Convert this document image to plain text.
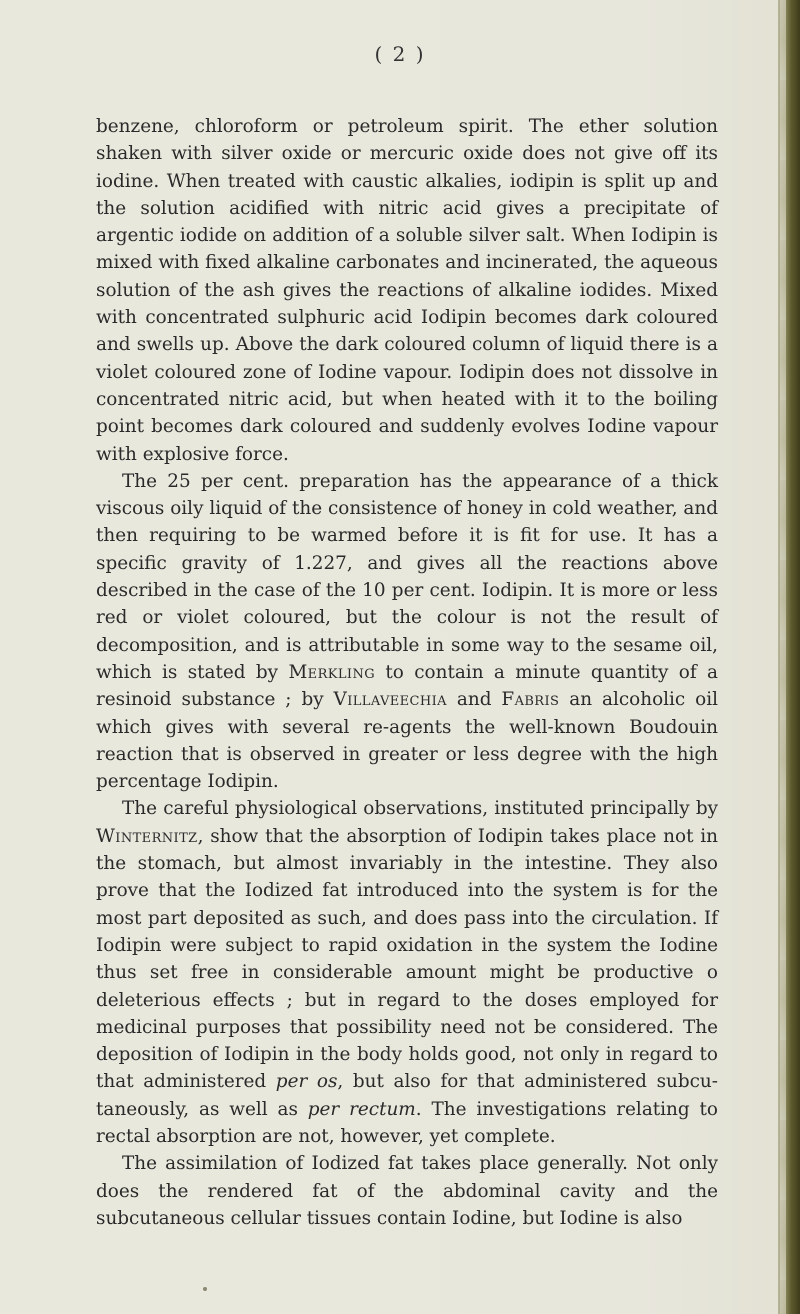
( 2 )

benzene, chloroform or petroleum spirit. The ether solution shaken with silver oxide or mercuric oxide does not give off its iodine. When treated with caustic alkalies, iodipin is split up and the solution acidified with nitric acid gives a precipitate of argentic iodide on addition of a soluble silver salt. When Iodipin is mixed with fixed alkaline carbonates and incinerated, the aqueous solution of the ash gives the reactions of alkaline iodides. Mixed with concentrated sulphuric acid Iodipin becomes dark coloured and swells up. Above the dark coloured column of liquid there is a violet coloured zone of Iodine vapour. Iodipin does not dissolve in concentrated nitric acid, but when heated with it to the boiling point becomes dark coloured and suddenly evolves Iodine vapour with explosive force.

The 25 per cent. preparation has the appearance of a thick viscous oily liquid of the consistence of honey in cold weather, and then requiring to be warmed before it is fit for use. It has a specific gravity of 1.227, and gives all the reactions above described in the case of the 10 per cent. Iodipin. It is more or less red or violet coloured, but the colour is not the result of decomposition, and is attributable in some way to the sesame oil, which is stated by Merkling to contain a minute quantity of a resinoid substance ; by Villaveechia and Fabris an alcoholic oil which gives with several re-agents the well-known Boudouin reaction that is observed in greater or less degree with the high percentage Iodipin.

The careful physiological observations, instituted principally by Winternitz, show that the absorption of Iodipin takes place not in the stomach, but almost invariably in the intestine. They also prove that the Iodized fat introduced into the system is for the most part deposited as such, and does pass into the circulation. If Iodipin were subject to rapid oxidation in the system the Iodine thus set free in considerable amount might be productive o deleterious effects ; but in regard to the doses employed for medicinal purposes that possibility need not be considered. The deposition of Iodipin in the body holds good, not only in regard to that administered per os, but also for that administered subcu-taneously, as well as per rectum. The investigations relating to rectal absorption are not, however, yet complete.

The assimilation of Iodized fat takes place generally. Not only does the rendered fat of the abdominal cavity and the subcutaneous cellular tissues contain Iodine, but Iodine is also
